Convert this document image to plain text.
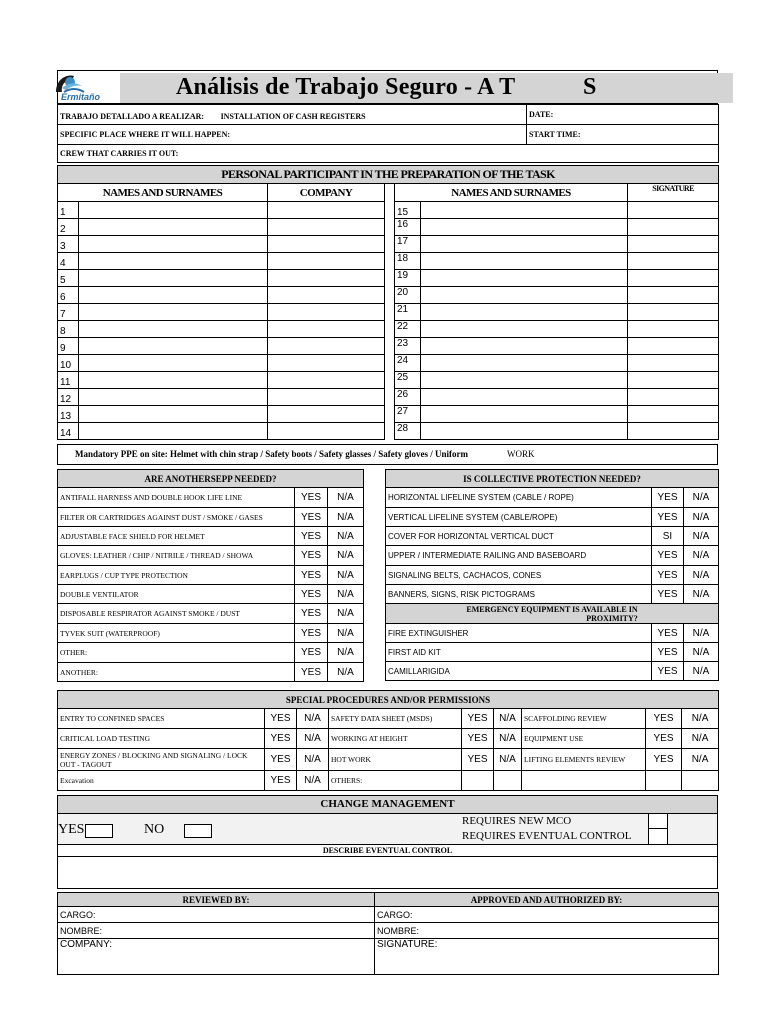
Análisis de Trabajo Seguro - A T	S
Ermitaño
TRABAJO DETALLADO A REALIZAR: INSTALLATION OF CASH REGISTERS	DATE:
SPECIFIC PLACE WHERE IT WILL HAPPEN:	START TIME:
CREW THAT CARRIES IT OUT:	
PERSONAL PARTICIPANT IN THE PREPARATION OF THE TASK						
NAMES AND SURNAMES		COMPANY		NAMES AND SURNAMES		SIGNATURE
1				15		
2				16		
3				17		
4				18		
5				19		
6				20		
7				21		
8				22		
9				23		
10				24		
11				25		
12				26		
13				27		
14				28		
Mandatory PPE on site: Helmet with chin strap / Safety boots / Safety glasses / Safety gloves / Uniform	WORK
ARE ANOTHERSEPP NEEDED?		
ANTIFALL HARNESS AND DOUBLE HOOK LIFE LINE	YES	N/A
FILTER OR CARTRIDGES AGAINST DUST / SMOKE / GASES	YES	N/A
ADJUSTABLE FACE SHIELD FOR HELMET	YES	N/A
GLOVES: LEATHER / CHIP / NITRILE / THREAD / SHOWA	YES	N/A
EARPLUGS / CUP TYPE PROTECTION	YES	N/A
DOUBLE VENTILATOR	YES	N/A
DISPOSABLE RESPIRATOR AGAINST SMOKE / DUST	YES	N/A
TYVEK SUIT (WATERPROOF)	YES	N/A
OTHER:	YES	N/A
ANOTHER:	YES	N/A
IS COLLECTIVE PROTECTION NEEDED?		
HORIZONTAL LIFELINE SYSTEM (CABLE / ROPE)	YES	N/A
VERTICAL LIFELINE SYSTEM (CABLE/ROPE)	YES	N/A
COVER FOR HORIZONTAL VERTICAL DUCT	SI	N/A
UPPER / INTERMEDIATE RAILING AND BASEBOARD	YES	N/A
SIGNALING BELTS, CACHACOS, CONES	YES	N/A
BANNERS, SIGNS, RISK PICTOGRAMS	YES	N/A

EMERGENCY EQUIPMENT IS AVAILABLE IN
PROXIMITY?		

FIRE EXTINGUISHER	YES	N/A
FIRST AID KIT	YES	N/A
CAMILLARIGIDA	YES	N/A
SPECIAL PROCEDURES AND/OR PERMISSIONS								
ENTRY TO CONFINED SPACES	YES	N/A	SAFETY DATA SHEET (MSDS)	YES	N/A	SCAFFOLDING REVIEW	YES	N/A
CRITICAL LOAD TESTING	YES	N/A	WORKING AT HEIGHT	YES	N/A	EQUIPMENT USE	YES	N/A
ENERGY ZONES / BLOCKING AND SIGNALING / LOCK OUT - TAGOUT	YES	N/A	HOT WORK	YES	N/A	LIFTING ELEMENTS REVIEW	YES	N/A
Excavation	YES	N/A	OTHERS:					
CHANGE MANAGEMENT
YES	NO
REQUIRES NEW MCO
REQUIRES EVENTUAL CONTROL
DESCRIBE EVENTUAL CONTROL
REVIEWED BY:	APPROVED AND AUTHORIZED BY:
CARGO:	CARGO:
NOMBRE:	NOMBRE:
COMPANY:	SIGNATURE:
